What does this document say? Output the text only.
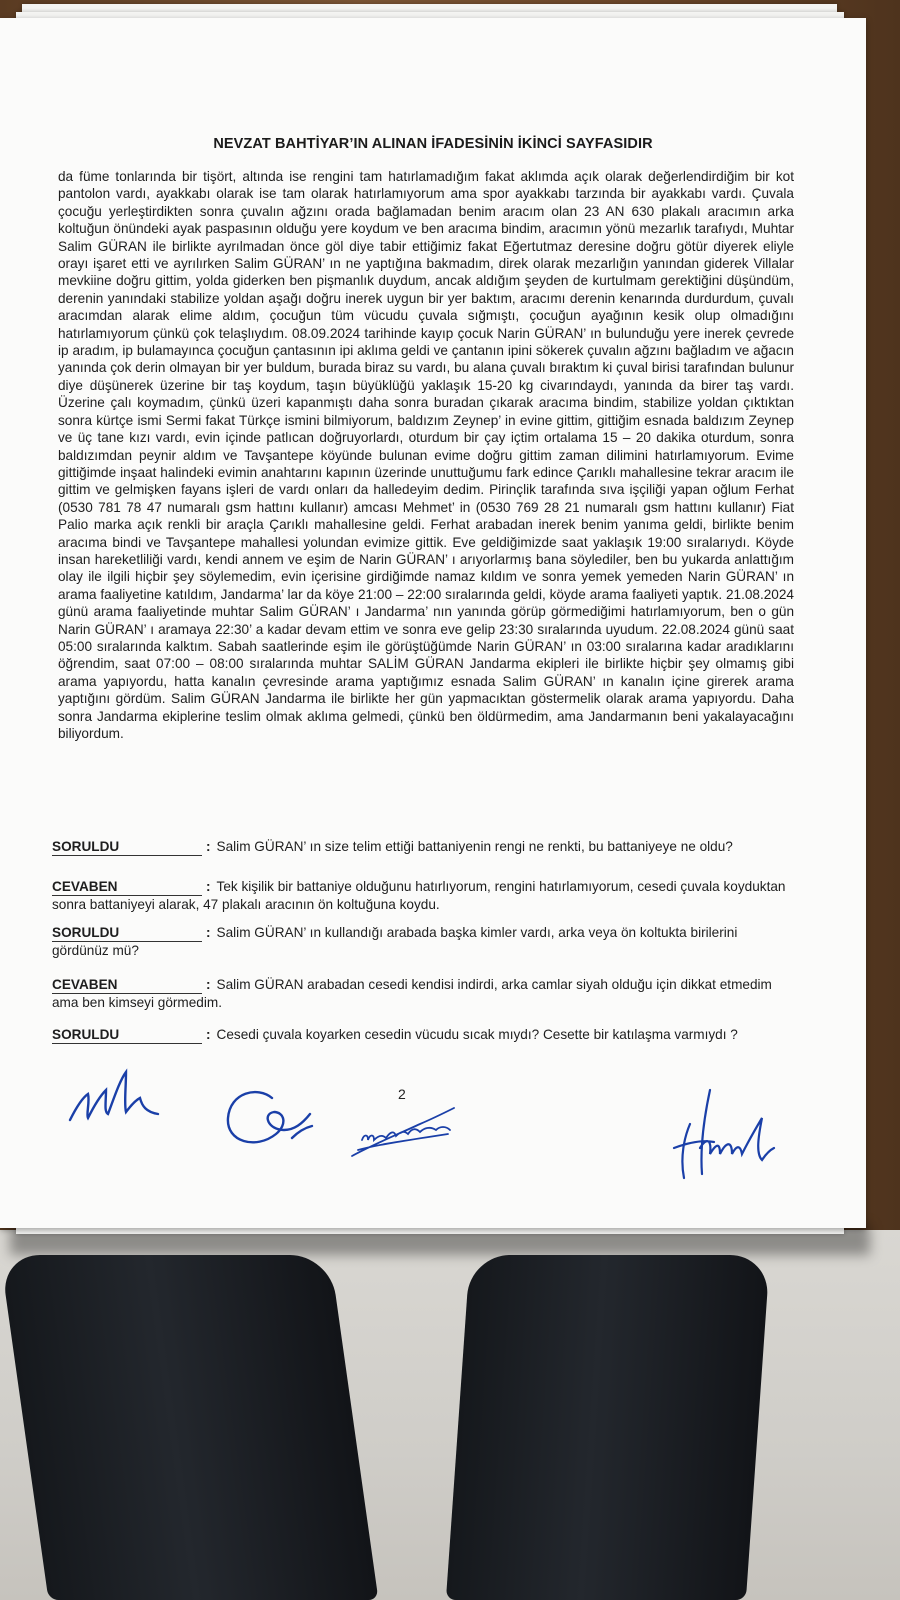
NEVZAT BAHTİYAR’IN ALINAN İFADESİNİN İKİNCİ SAYFASIDIR

da füme tonlarında bir tişört, altında ise rengini tam hatırlamadığım fakat aklımda açık olarak değerlendirdiğim bir kot pantolon vardı, ayakkabı olarak ise tam olarak hatırlamıyorum ama spor ayakkabı tarzında bir ayakkabı vardı. Çuvala çocuğu yerleştirdikten sonra çuvalın ağzını orada bağlamadan benim aracım olan 23 AN 630 plakalı aracımın arka koltuğun önündeki ayak paspasının olduğu yere koydum ve ben aracıma bindim, aracımın yönü mezarlık tarafıydı, Muhtar Salim GÜRAN ile birlikte ayrılmadan önce göl diye tabir ettiğimiz fakat Eğertutmaz deresine doğru götür diyerek eliyle orayı işaret etti ve ayrılırken Salim GÜRAN’ ın ne yaptığına bakmadım, direk olarak mezarlığın yanından giderek Villalar mevkiine doğru gittim, yolda giderken ben pişmanlık duydum, ancak aldığım şeyden de kurtulmam gerektiğini düşündüm, derenin yanındaki stabilize yoldan aşağı doğru inerek uygun bir yer baktım, aracımı derenin kenarında durdurdum, çuvalı aracımdan alarak elime aldım, çocuğun tüm vücudu çuvala sığmıştı, çocuğun ayağının kesik olup olmadığını hatırlamıyorum çünkü çok telaşlıydım. 08.09.2024 tarihinde kayıp çocuk Narin GÜRAN’ ın bulunduğu yere inerek çevrede ip aradım, ip bulamayınca çocuğun çantasının ipi aklıma geldi ve çantanın ipini sökerek çuvalın ağzını bağladım ve ağacın yanında çok derin olmayan bir yer buldum, burada biraz su vardı, bu alana çuvalı bıraktım ki çuval birisi tarafından bulunur diye düşünerek üzerine bir taş koydum, taşın büyüklüğü yaklaşık 15-20 kg civarındaydı, yanında da birer taş vardı. Üzerine çalı koymadım, çünkü üzeri kapanmıştı daha sonra buradan çıkarak aracıma bindim, stabilize yoldan çıktıktan sonra kürtçe ismi Sermi fakat Türkçe ismini bilmiyorum, baldızım Zeynep’ in evine gittim, gittiğim esnada baldızım Zeynep ve üç tane kızı vardı, evin içinde patlıcan doğruyorlardı, oturdum bir çay içtim ortalama 15 – 20 dakika oturdum, sonra baldızımdan peynir aldım ve Tavşantepe köyünde bulunan evime doğru gittim zaman dilimini hatırlamıyorum. Evime gittiğimde inşaat halindeki evimin anahtarını kapının üzerinde unuttuğumu fark edince Çarıklı mahallesine tekrar aracım ile gittim ve gelmişken fayans işleri de vardı onları da halledeyim dedim. Pirinçlik tarafında sıva işçiliği yapan oğlum Ferhat (0530 781 78 47 numaralı gsm hattını kullanır) amcası Mehmet’ in (0530 769 28 21 numaralı gsm hattını kullanır) Fiat Palio marka açık renkli bir araçla Çarıklı mahallesine geldi. Ferhat arabadan inerek benim yanıma geldi, birlikte benim aracıma bindi ve Tavşantepe mahallesi yolundan evimize gittik. Eve geldiğimizde saat yaklaşık 19:00 sıralarıydı. Köyde insan hareketliliği vardı, kendi annem ve eşim de Narin GÜRAN’ ı arıyorlarmış bana söylediler, ben bu yukarda anlattığım olay ile ilgili hiçbir şey söylemedim, evin içerisine girdiğimde namaz kıldım ve sonra yemek yemeden Narin GÜRAN’ ın arama faaliyetine katıldım, Jandarma’ lar da köye 21:00 – 22:00 sıralarında geldi, köyde arama faaliyeti yaptık. 21.08.2024 günü arama faaliyetinde muhtar Salim GÜRAN’ ı Jandarma’ nın yanında görüp görmediğimi hatırlamıyorum, ben o gün Narin GÜRAN’ ı aramaya 22:30’ a kadar devam ettim ve sonra eve gelip 23:30 sıralarında uyudum. 22.08.2024 günü saat 05:00 sıralarında kalktım. Sabah saatlerinde eşim ile görüştüğümde Narin GÜRAN’ ın 03:00 sıralarına kadar aradıklarını öğrendim, saat 07:00 – 08:00 sıralarında muhtar SALİM GÜRAN Jandarma ekipleri ile birlikte hiçbir şey olmamış gibi arama yapıyordu, hatta kanalın çevresinde arama yaptığımız esnada Salim GÜRAN’ ın kanalın içine girerek arama yaptığını gördüm. Salim GÜRAN Jandarma ile birlikte her gün yapmacıktan göstermelik olarak arama yapıyordu. Daha sonra Jandarma ekiplerine teslim olmak aklıma gelmedi, çünkü ben öldürmedim, ama Jandarmanın beni yakalayacağını biliyordum.

SORULDU	: Salim GÜRAN’ ın size telim ettiği battaniyenin rengi ne renkti, bu battaniyeye ne oldu?

CEVABEN	: Tek kişilik bir battaniye olduğunu hatırlıyorum, rengini hatırlamıyorum, cesedi çuvala koyduktan sonra battaniyeyi alarak, 47 plakalı aracının ön koltuğuna koydu.

SORULDU	: Salim GÜRAN’ ın kullandığı arabada başka kimler vardı, arka veya ön koltukta birilerini gördünüz mü?

CEVABEN	: Salim GÜRAN arabadan cesedi kendisi indirdi, arka camlar siyah olduğu için dikkat etmedim ama ben kimseyi görmedim.

SORULDU	: Cesedi çuvala koyarken cesedin vücudu sıcak mıydı? Cesette bir katılaşma varmıydı ?

2
